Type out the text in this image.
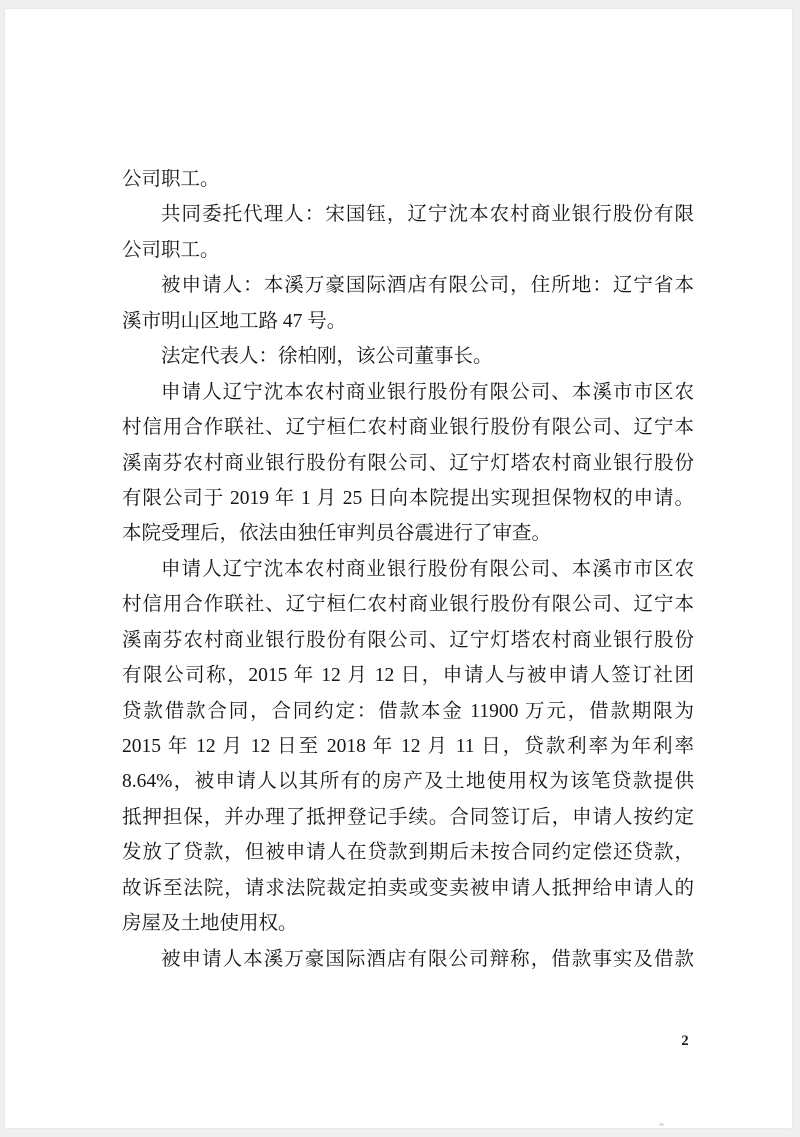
公司职工。
共同委托代理人：宋国钰，辽宁沈本农村商业银行股份有限
公司职工。
被申请人：本溪万豪国际酒店有限公司，住所地：辽宁省本
溪市明山区地工路 47 号。
法定代表人：徐柏刚，该公司董事长。
申请人辽宁沈本农村商业银行股份有限公司、本溪市市区农
村信用合作联社、辽宁桓仁农村商业银行股份有限公司、辽宁本
溪南芬农村商业银行股份有限公司、辽宁灯塔农村商业银行股份
有限公司于 2019 年 1 月 25 日向本院提出实现担保物权的申请。
本院受理后，依法由独任审判员谷震进行了审查。
申请人辽宁沈本农村商业银行股份有限公司、本溪市市区农
村信用合作联社、辽宁桓仁农村商业银行股份有限公司、辽宁本
溪南芬农村商业银行股份有限公司、辽宁灯塔农村商业银行股份
有限公司称，2015 年 12 月 12 日，申请人与被申请人签订社团
贷款借款合同，合同约定：借款本金 11900 万元，借款期限为
2015 年 12 月 12 日至 2018 年 12 月 11 日，贷款利率为年利率
8.64%，被申请人以其所有的房产及土地使用权为该笔贷款提供
抵押担保，并办理了抵押登记手续。合同签订后，申请人按约定
发放了贷款，但被申请人在贷款到期后未按合同约定偿还贷款，
故诉至法院，请求法院裁定拍卖或变卖被申请人抵押给申请人的
房屋及土地使用权。
被申请人本溪万豪国际酒店有限公司辩称，借款事实及借款
2
